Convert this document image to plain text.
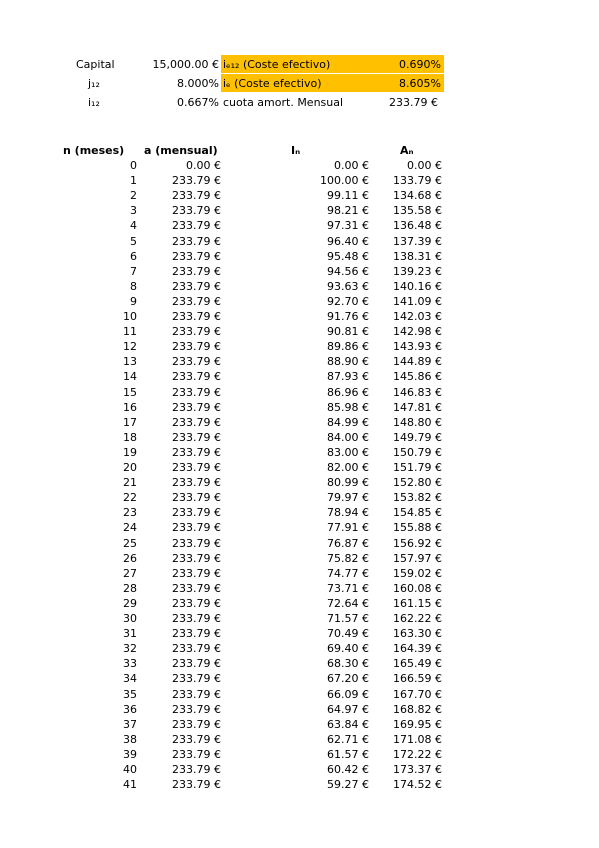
Capital	15,000.00 € iₑ₁₂ (Coste efectivo)	0.690%
j₁₂	8.000% iₑ (Coste efectivo)	8.605%
i₁₂	0.667% cuota amort. Mensual	233.79 €
n (meses) a (mensual)	Iₙ	Aₙ
0	0.00 €	0.00 €	0.00 €
1	233.79 €	100.00 €	133.79 €
2	233.79 €	99.11 €	134.68 €
3	233.79 €	98.21 €	135.58 €
4	233.79 €	97.31 €	136.48 €
5	233.79 €	96.40 €	137.39 €
6	233.79 €	95.48 €	138.31 €
7	233.79 €	94.56 €	139.23 €
8	233.79 €	93.63 €	140.16 €
9	233.79 €	92.70 €	141.09 €
10	233.79 €	91.76 €	142.03 €
11	233.79 €	90.81 €	142.98 €
12	233.79 €	89.86 €	143.93 €
13	233.79 €	88.90 €	144.89 €
14	233.79 €	87.93 €	145.86 €
15	233.79 €	86.96 €	146.83 €
16	233.79 €	85.98 €	147.81 €
17	233.79 €	84.99 €	148.80 €
18	233.79 €	84.00 €	149.79 €
19	233.79 €	83.00 €	150.79 €
20	233.79 €	82.00 €	151.79 €
21	233.79 €	80.99 €	152.80 €
22	233.79 €	79.97 €	153.82 €
23	233.79 €	78.94 €	154.85 €
24	233.79 €	77.91 €	155.88 €
25	233.79 €	76.87 €	156.92 €
26	233.79 €	75.82 €	157.97 €
27	233.79 €	74.77 €	159.02 €
28	233.79 €	73.71 €	160.08 €
29	233.79 €	72.64 €	161.15 €
30	233.79 €	71.57 €	162.22 €
31	233.79 €	70.49 €	163.30 €
32	233.79 €	69.40 €	164.39 €
33	233.79 €	68.30 €	165.49 €
34	233.79 €	67.20 €	166.59 €
35	233.79 €	66.09 €	167.70 €
36	233.79 €	64.97 €	168.82 €
37	233.79 €	63.84 €	169.95 €
38	233.79 €	62.71 €	171.08 €
39	233.79 €	61.57 €	172.22 €
40	233.79 €	60.42 €	173.37 €
41	233.79 €	59.27 €	174.52 €
